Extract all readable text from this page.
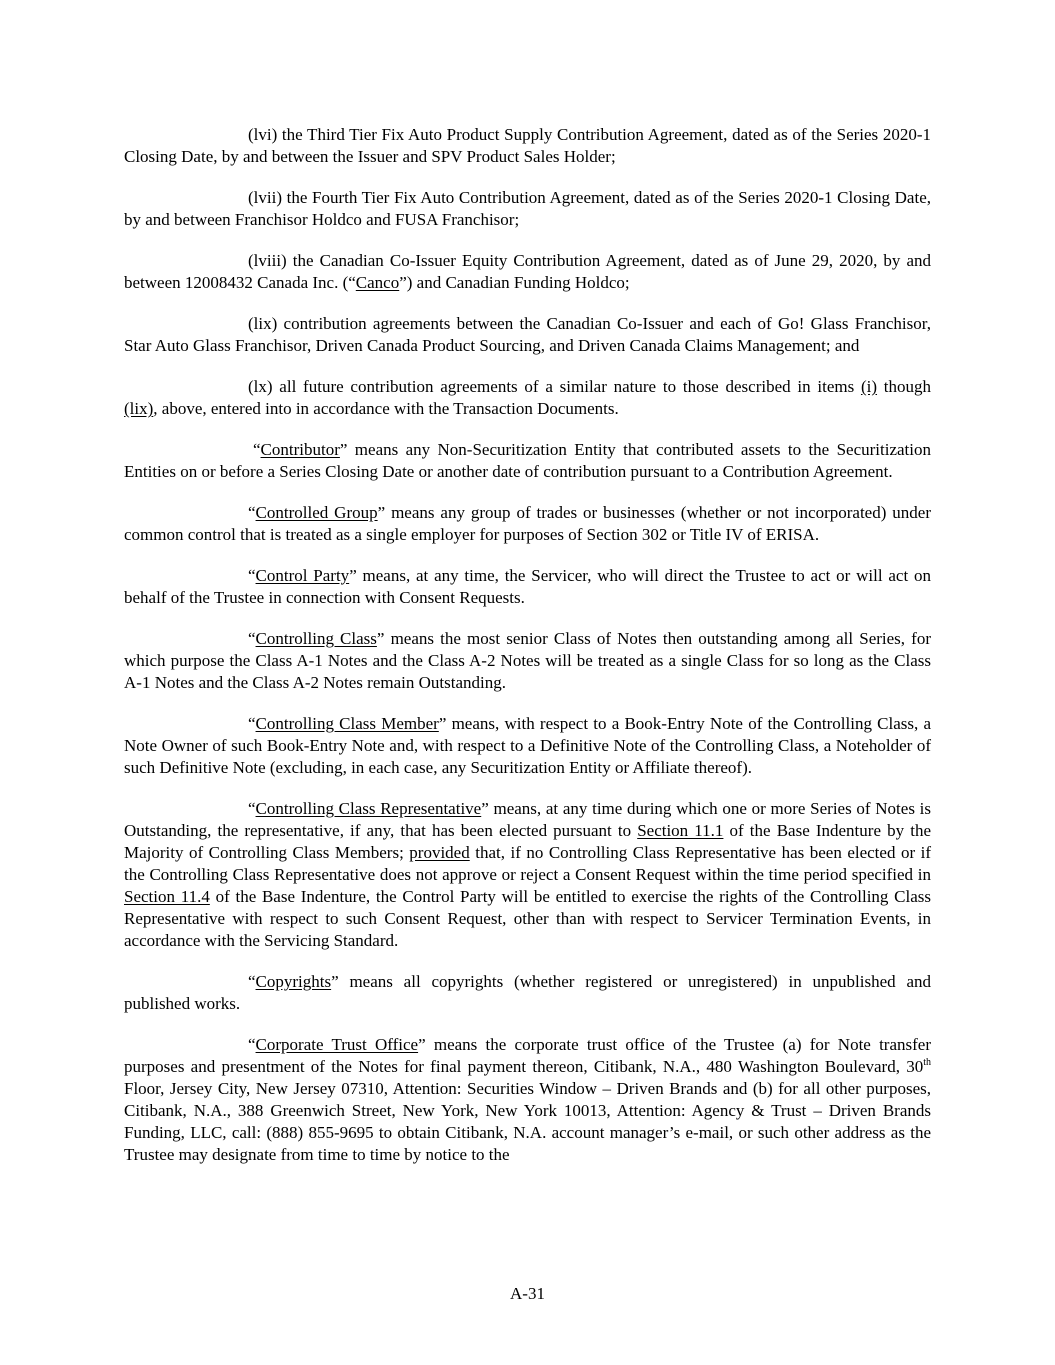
(lvi) the Third Tier Fix Auto Product Supply Contribution Agreement, dated as of the Series 2020-1 Closing Date, by and between the Issuer and SPV Product Sales Holder;

(lvii) the Fourth Tier Fix Auto Contribution Agreement, dated as of the Series 2020-1 Closing Date, by and between Franchisor Holdco and FUSA Franchisor;

(lviii) the Canadian Co-Issuer Equity Contribution Agreement, dated as of June 29, 2020, by and between 12008432 Canada Inc. (“Canco”) and Canadian Funding Holdco;

(lix) contribution agreements between the Canadian Co-Issuer and each of Go! Glass Franchisor, Star Auto Glass Franchisor, Driven Canada Product Sourcing, and Driven Canada Claims Management; and

(lx) all future contribution agreements of a similar nature to those described in items (i) though (lix), above, entered into in accordance with the Transaction Documents.

“Contributor” means any Non-Securitization Entity that contributed assets to the Securitization Entities on or before a Series Closing Date or another date of contribution pursuant to a Contribution Agreement.

“Controlled Group” means any group of trades or businesses (whether or not incorporated) under common control that is treated as a single employer for purposes of Section 302 or Title IV of ERISA.

“Control Party” means, at any time, the Servicer, who will direct the Trustee to act or will act on behalf of the Trustee in connection with Consent Requests.

“Controlling Class” means the most senior Class of Notes then outstanding among all Series, for which purpose the Class A-1 Notes and the Class A-2 Notes will be treated as a single Class for so long as the Class A-1 Notes and the Class A-2 Notes remain Outstanding.

“Controlling Class Member” means, with respect to a Book-Entry Note of the Controlling Class, a Note Owner of such Book-Entry Note and, with respect to a Definitive Note of the Controlling Class, a Noteholder of such Definitive Note (excluding, in each case, any Securitization Entity or Affiliate thereof).

“Controlling Class Representative” means, at any time during which one or more Series of Notes is Outstanding, the representative, if any, that has been elected pursuant to Section 11.1 of the Base Indenture by the Majority of Controlling Class Members; provided that, if no Controlling Class Representative has been elected or if the Controlling Class Representative does not approve or reject a Consent Request within the time period specified in Section 11.4 of the Base Indenture, the Control Party will be entitled to exercise the rights of the Controlling Class Representative with respect to such Consent Request, other than with respect to Servicer Termination Events, in accordance with the Servicing Standard.

“Copyrights” means all copyrights (whether registered or unregistered) in unpublished and published works.

“Corporate Trust Office” means the corporate trust office of the Trustee (a) for Note transfer purposes and presentment of the Notes for final payment thereon, Citibank, N.A., 480 Washington Boulevard, 30th Floor, Jersey City, New Jersey 07310, Attention: Securities Window – Driven Brands and (b) for all other purposes, Citibank, N.A., 388 Greenwich Street, New York, New York 10013, Attention: Agency & Trust – Driven Brands Funding, LLC, call: (888) 855-9695 to obtain Citibank, N.A. account manager’s e-mail, or such other address as the Trustee may designate from time to time by notice to the

A-31
